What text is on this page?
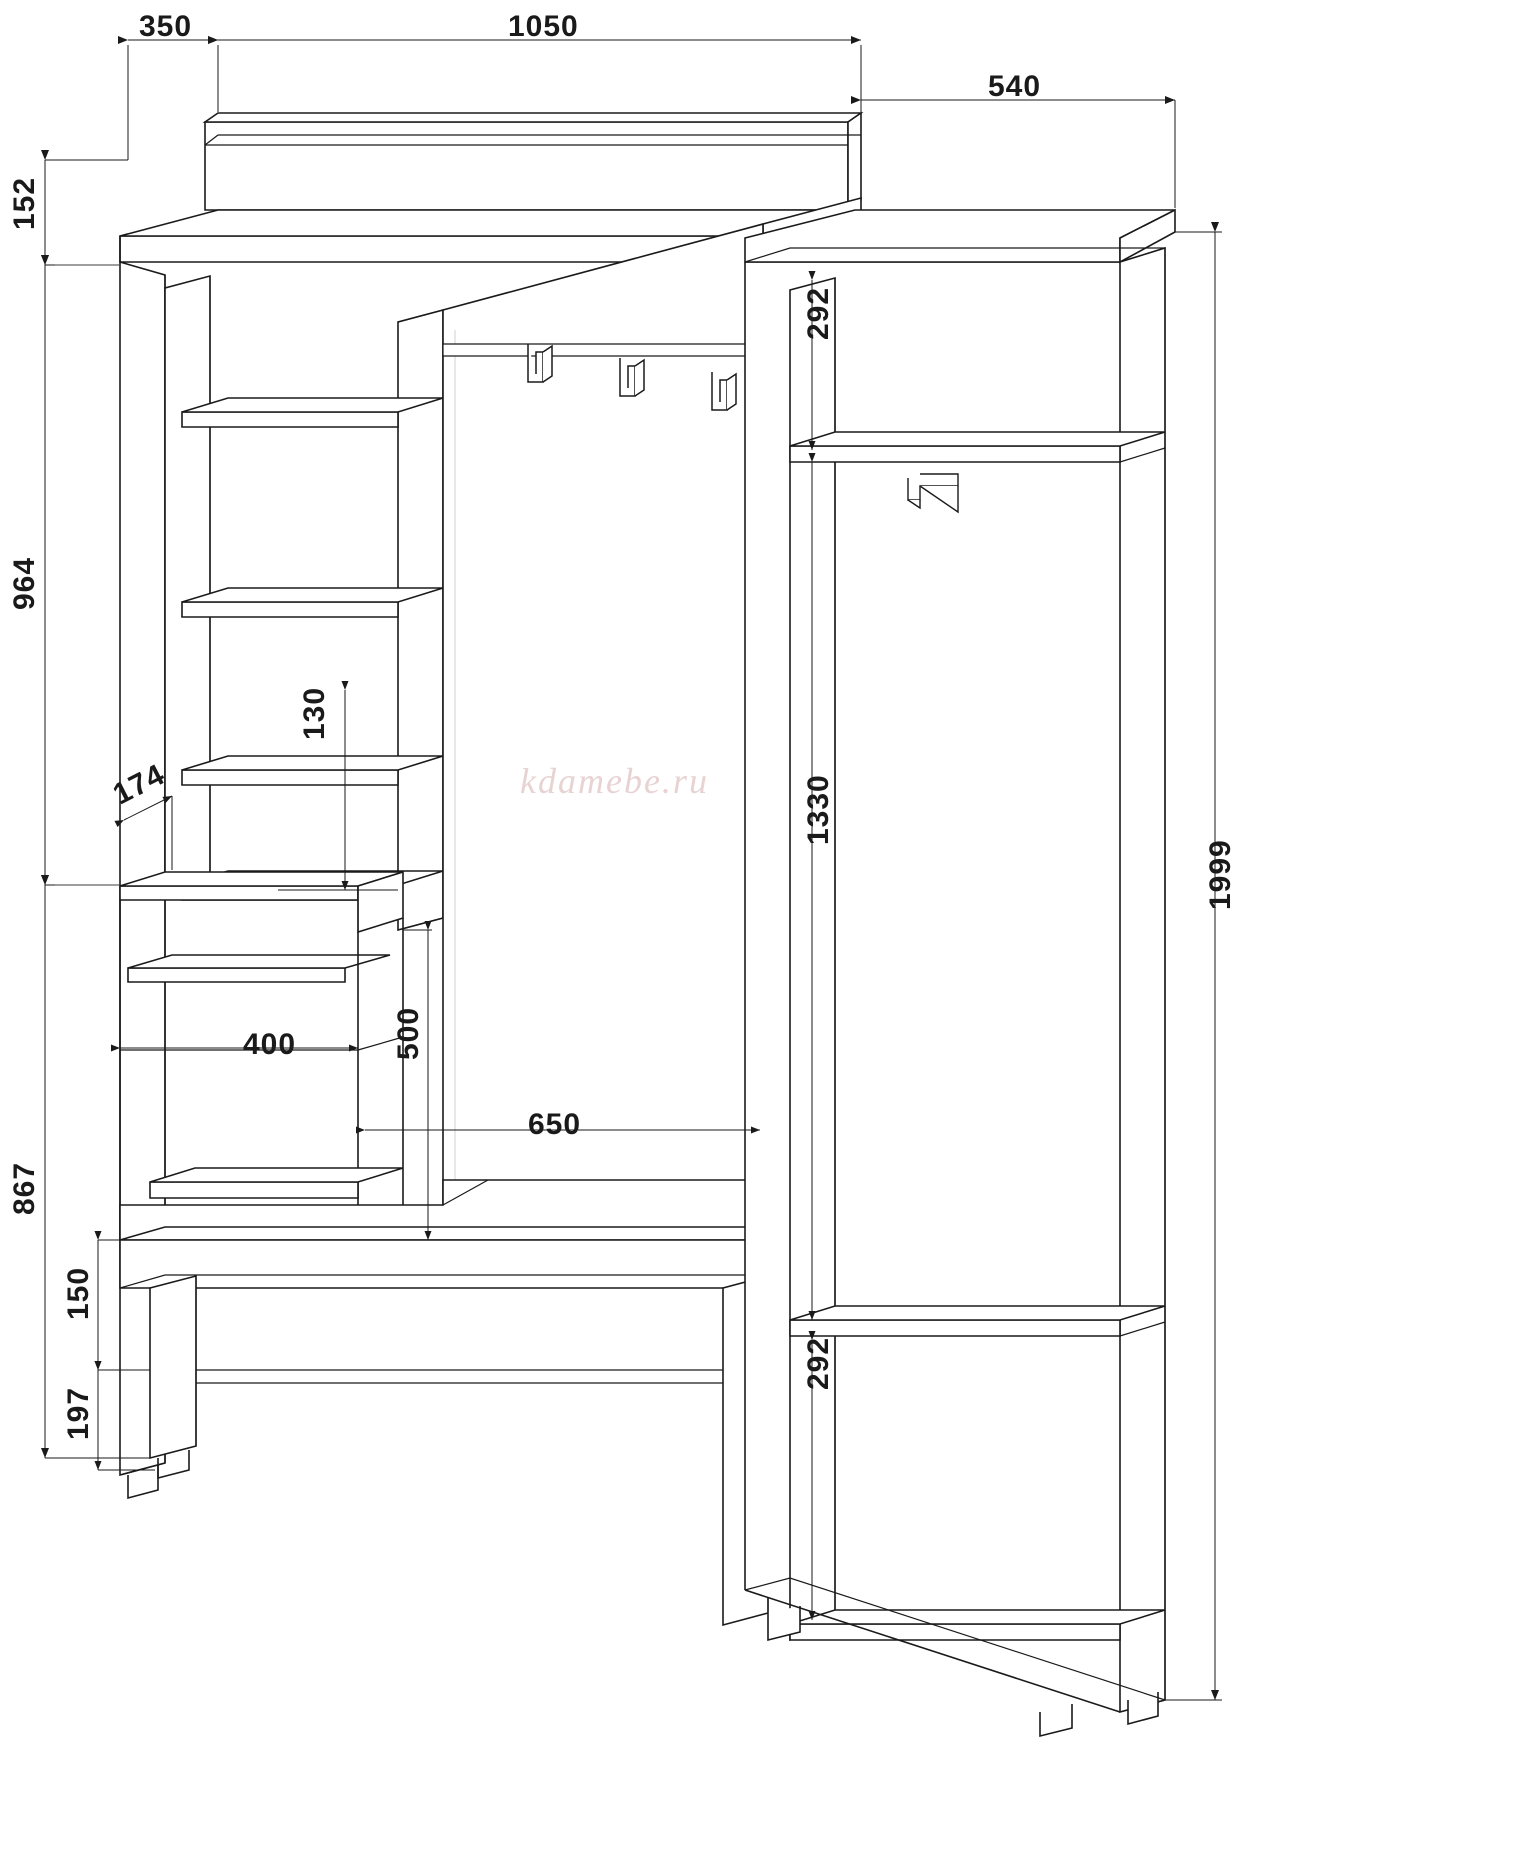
350	1050
540
152
964
867
150
197
174
130
400	500
650
292
1330
292
1999
kdamebe.ru
